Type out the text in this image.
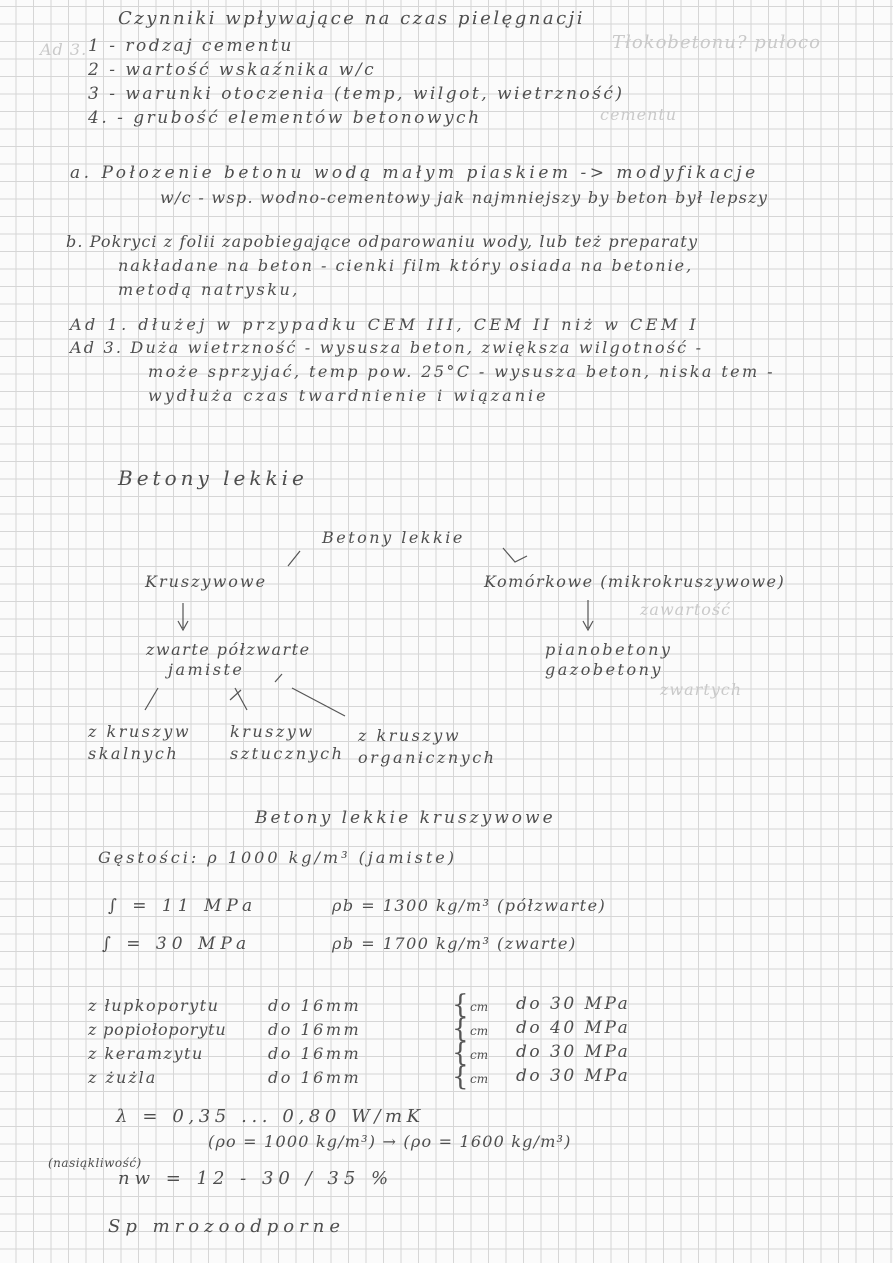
Tłokobetonu? pułoco
Ad 3.
cementu
zawartość
zwartych
Czynniki wpływające na czas pielęgnacji
1 - rodzaj cementu
2 - wartość wskaźnika w/c
3 - warunki otoczenia (temp, wilgot, wietrzność)
4. - grubość elementów betonowych
a. Połozenie betonu wodą małym piaskiem -> modyfikacje
w/c - wsp. wodno-cementowy jak najmniejszy by beton był lepszy
b. Pokryci z folii zapobiegające odparowaniu wody, lub też preparaty
nakładane na beton - cienki film który osiada na betonie,
metodą natrysku,
Ad 1. dłużej w przypadku CEM III, CEM II niż w CEM I
Ad 3. Duża wietrzność - wysusza beton, zwiększa wilgotność -
może sprzyjać, temp pow. 25°C - wysusza beton, niska tem -
wydłuża czas twardnienie i wiązanie
Betony lekkie
Betony lekkie
Kruszywowe	Komórkowe (mikrokruszywowe)
zwarte półzwarte
jamiste
pianobetony
gazobetony
z kruszyw
skalnych
kruszyw
sztucznych
z kruszyw
organicznych
Betony lekkie kruszywowe
Gęstości: ρ 1000 kg/m³ (jamiste)
∫ = 11 MPa	ρb = 1300 kg/m³ (półzwarte)
∫ = 30 MPa	ρb = 1700 kg/m³ (zwarte)
z łupkoporytu	do 16mm	{ cm do 30 MPa
z popiołoporytu	do 16mm	{ cm do 40 MPa
z keramzytu	do 16mm	{ cm do 30 MPa
z żużla	do 16mm	{ cm do 30 MPa
λ = 0,35 ... 0,80 W/mK
(ρo = 1000 kg/m³) → (ρo = 1600 kg/m³)
(nasiąkliwość)
nw = 12 - 30 / 35 %
Sp mrozoodporne
